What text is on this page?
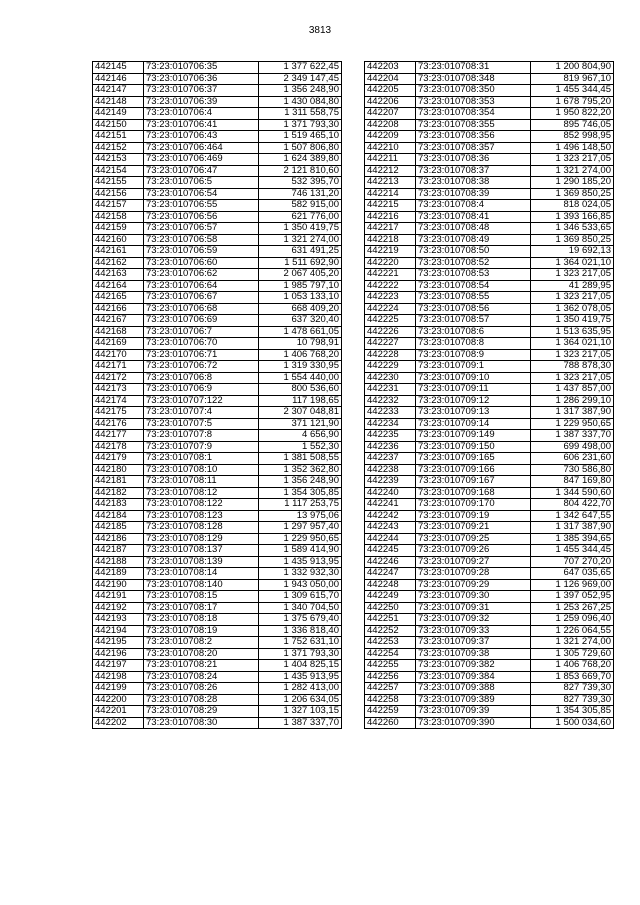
3813
442145	73:23:010706:35	1 377 622,45
442146	73:23:010706:36	2 349 147,45
442147	73:23:010706:37	1 356 248,90
442148	73:23:010706:39	1 430 084,80
442149	73:23:010706:4	1 311 558,75
442150	73:23:010706:41	1 371 793,30
442151	73:23:010706:43	1 519 465,10
442152	73:23:010706:464	1 507 806,80
442153	73:23:010706:469	1 624 389,80
442154	73:23:010706:47	2 121 810,60
442155	73:23:010706:5	532 395,70
442156	73:23:010706:54	746 131,20
442157	73:23:010706:55	582 915,00
442158	73:23:010706:56	621 776,00
442159	73:23:010706:57	1 350 419,75
442160	73:23:010706:58	1 321 274,00
442161	73:23:010706:59	631 491,25
442162	73:23:010706:60	1 511 692,90
442163	73:23:010706:62	2 067 405,20
442164	73:23:010706:64	1 985 797,10
442165	73:23:010706:67	1 053 133,10
442166	73:23:010706:68	668 409,20
442167	73:23:010706:69	637 320,40
442168	73:23:010706:7	1 478 661,05
442169	73:23:010706:70	10 798,91
442170	73:23:010706:71	1 406 768,20
442171	73:23:010706:72	1 319 330,95
442172	73:23:010706:8	1 554 440,00
442173	73:23:010706:9	800 536,60
442174	73:23:010707:122	117 198,65
442175	73:23:010707:4	2 307 048,81
442176	73:23:010707:5	371 121,90
442177	73:23:010707:8	4 656,90
442178	73:23:010707:9	1 552,30
442179	73:23:010708:1	1 381 508,55
442180	73:23:010708:10	1 352 362,80
442181	73:23:010708:11	1 356 248,90
442182	73:23:010708:12	1 354 305,85
442183	73:23:010708:122	1 117 253,75
442184	73:23:010708:123	13 975,06
442185	73:23:010708:128	1 297 957,40
442186	73:23:010708:129	1 229 950,65
442187	73:23:010708:137	1 589 414,90
442188	73:23:010708:139	1 435 913,95
442189	73:23:010708:14	1 332 932,30
442190	73:23:010708:140	1 943 050,00
442191	73:23:010708:15	1 309 615,70
442192	73:23:010708:17	1 340 704,50
442193	73:23:010708:18	1 375 679,40
442194	73:23:010708:19	1 336 818,40
442195	73:23:010708:2	1 752 631,10
442196	73:23:010708:20	1 371 793,30
442197	73:23:010708:21	1 404 825,15
442198	73:23:010708:24	1 435 913,95
442199	73:23:010708:26	1 282 413,00
442200	73:23:010708:28	1 206 634,05
442201	73:23:010708:29	1 327 103,15
442202	73:23:010708:30	1 387 337,70
442203	73:23:010708:31	1 200 804,90
442204	73:23:010708:348	819 967,10
442205	73:23:010708:350	1 455 344,45
442206	73:23:010708:353	1 678 795,20
442207	73:23:010708:354	1 950 822,20
442208	73:23:010708:355	895 746,05
442209	73:23:010708:356	852 998,95
442210	73:23:010708:357	1 496 148,50
442211	73:23:010708:36	1 323 217,05
442212	73:23:010708:37	1 321 274,00
442213	73:23:010708:38	1 290 185,20
442214	73:23:010708:39	1 369 850,25
442215	73:23:010708:4	818 024,05
442216	73:23:010708:41	1 393 166,85
442217	73:23:010708:48	1 346 533,65
442218	73:23:010708:49	1 369 850,25
442219	73:23:010708:50	19 692,13
442220	73:23:010708:52	1 364 021,10
442221	73:23:010708:53	1 323 217,05
442222	73:23:010708:54	41 289,95
442223	73:23:010708:55	1 323 217,05
442224	73:23:010708:56	1 362 078,05
442225	73:23:010708:57	1 350 419,75
442226	73:23:010708:6	1 513 635,95
442227	73:23:010708:8	1 364 021,10
442228	73:23:010708:9	1 323 217,05
442229	73:23:010709:1	788 878,30
442230	73:23:010709:10	1 323 217,05
442231	73:23:010709:11	1 437 857,00
442232	73:23:010709:12	1 286 299,10
442233	73:23:010709:13	1 317 387,90
442234	73:23:010709:14	1 229 950,65
442235	73:23:010709:149	1 387 337,70
442236	73:23:010709:150	699 498,00
442237	73:23:010709:165	606 231,60
442238	73:23:010709:166	730 586,80
442239	73:23:010709:167	847 169,80
442240	73:23:010709:168	1 344 590,60
442241	73:23:010709:170	804 422,70
442242	73:23:010709:19	1 342 647,55
442243	73:23:010709:21	1 317 387,90
442244	73:23:010709:25	1 385 394,65
442245	73:23:010709:26	1 455 344,45
442246	73:23:010709:27	707 270,20
442247	73:23:010709:28	647 035,65
442248	73:23:010709:29	1 126 969,00
442249	73:23:010709:30	1 397 052,95
442250	73:23:010709:31	1 253 267,25
442251	73:23:010709:32	1 259 096,40
442252	73:23:010709:33	1 226 064,55
442253	73:23:010709:37	1 321 274,00
442254	73:23:010709:38	1 305 729,60
442255	73:23:010709:382	1 406 768,20
442256	73:23:010709:384	1 853 669,70
442257	73:23:010709:388	827 739,30
442258	73:23:010709:389	827 739,30
442259	73:23:010709:39	1 354 305,85
442260	73:23:010709:390	1 500 034,60
